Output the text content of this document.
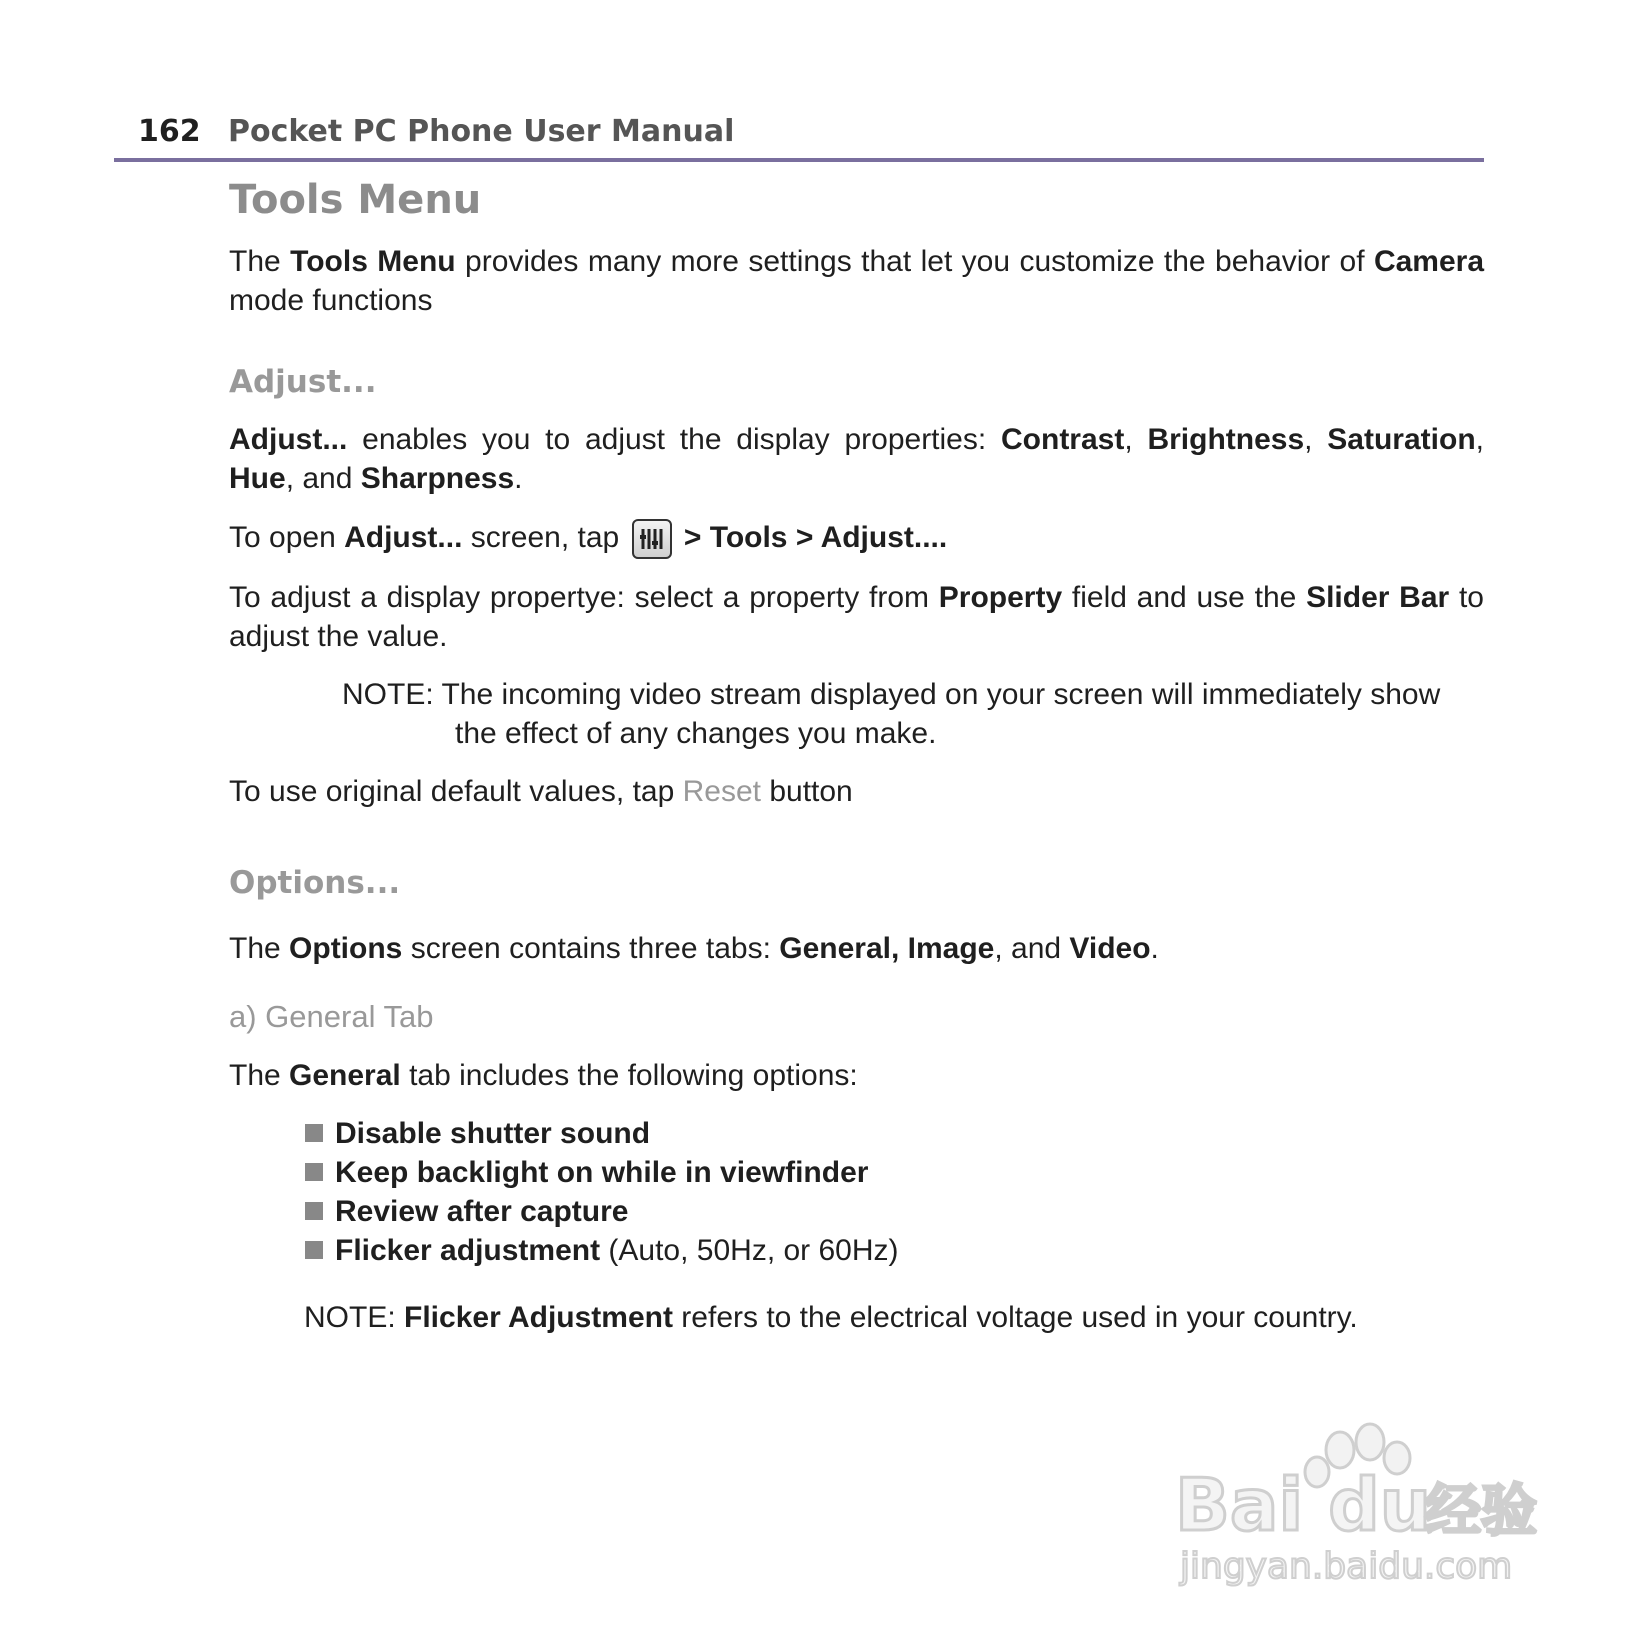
162 Pocket PC Phone User Manual
Tools Menu

The Tools Menu provides many more settings that let you customize the behavior of Camera mode functions

Adjust...

Adjust... enables you to adjust the display properties: Contrast, Brightness, Saturation, Hue, and Sharpness.

To open Adjust... screen, tap  > Tools > Adjust....

To adjust a display propertye: select a property from Property field and use the Slider Bar to adjust the value.

NOTE: The incoming video stream displayed on your screen will immediately show the effect of any changes you make.

To use original default values, tap Reset button

Options...

The Options screen contains three tabs: General, Image, and Video.

a) General Tab

The General tab includes the following options:

Disable shutter sound
Keep backlight on while in viewfinder
Review after capture
Flicker adjustment (Auto, 50Hz, or 60Hz)

NOTE: Flicker Adjustment refers to the electrical voltage used in your country.

Bai du
经验
jingyan.baidu.com
